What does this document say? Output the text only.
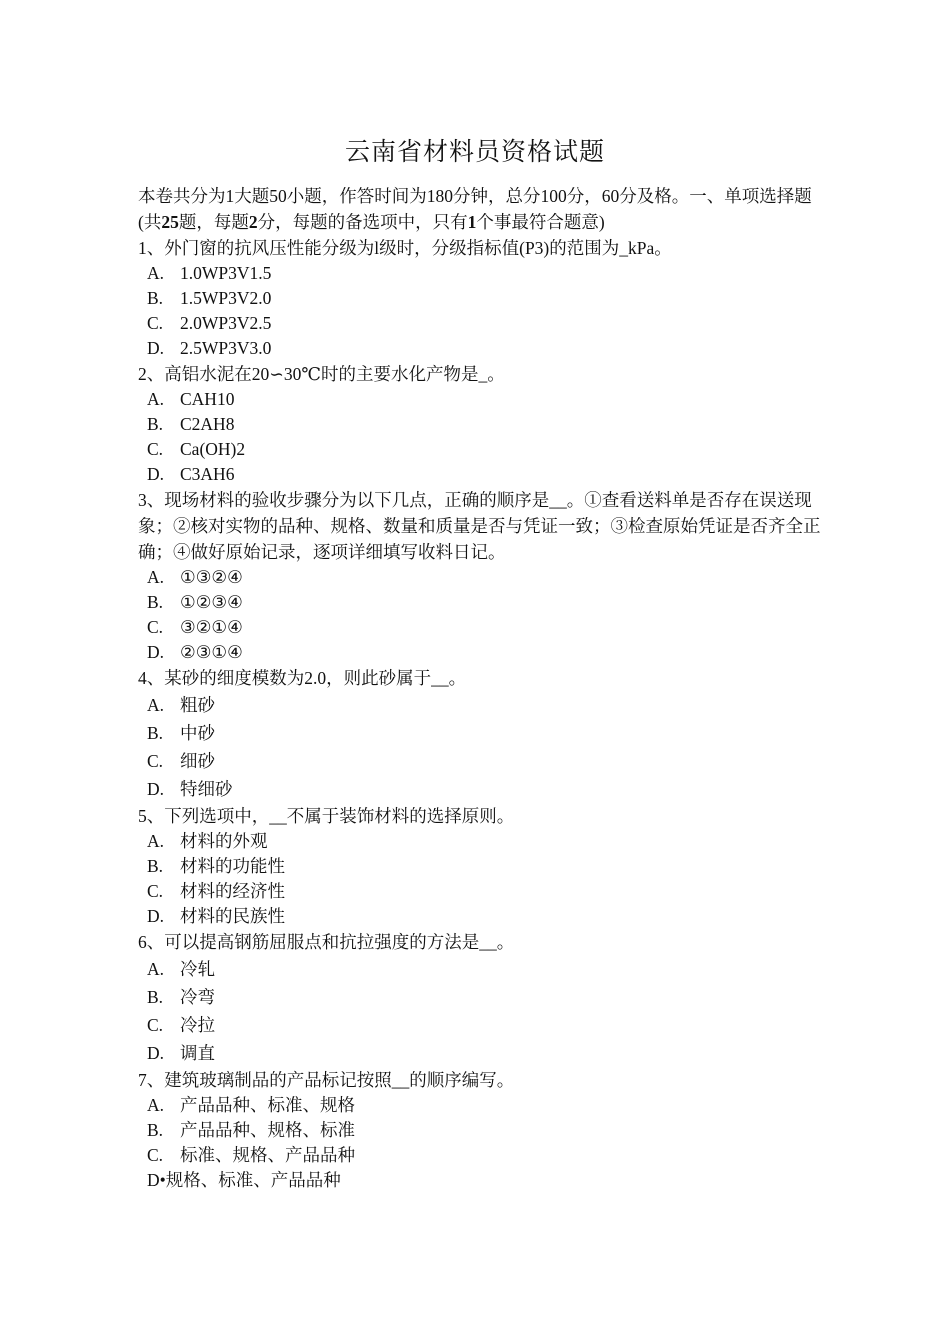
云南省材料员资格试题

本卷共分为1大题50小题，作答时间为180分钟，总分100分，60分及格。一、单项选择题(共25题，每题2分，每题的备选项中，只有1个事最符合题意)

1、外门窗的抗风压性能分级为l级时，分级指标值(P3)的范围为_kPa。

A. 1.0WP3V1.5

B. 1.5WP3V2.0

C. 2.0WP3V2.5

D. 2.5WP3V3.0

2、高铝水泥在20∽30℃时的主要水化产物是_。

A. CAH10

B. C2AH8

C. Ca(OH)2

D. C3AH6

3、现场材料的验收步骤分为以下几点，正确的顺序是__。①查看送料单是否存在误送现象；②核对实物的品种、规格、数量和质量是否与凭证一致；③检查原始凭证是否齐全正确；④做好原始记录，逐项详细填写收料日记。

A. ①③②④

B. ①②③④

C. ③②①④

D. ②③①④

4、某砂的细度模数为2.0，则此砂属于__。

A. 粗砂

B. 中砂

C. 细砂

D. 特细砂

5、下列选项中，__不属于装饰材料的选择原则。

A. 材料的外观

B. 材料的功能性

C. 材料的经济性

D. 材料的民族性

6、可以提高钢筋屈服点和抗拉强度的方法是__。

A. 冷轧

B. 冷弯

C. 冷拉

D. 调直

7、建筑玻璃制品的产品标记按照__的顺序编写。

A. 产品品种、标准、规格

B. 产品品种、规格、标准

C. 标准、规格、产品品种

D•规格、标准、产品品种
